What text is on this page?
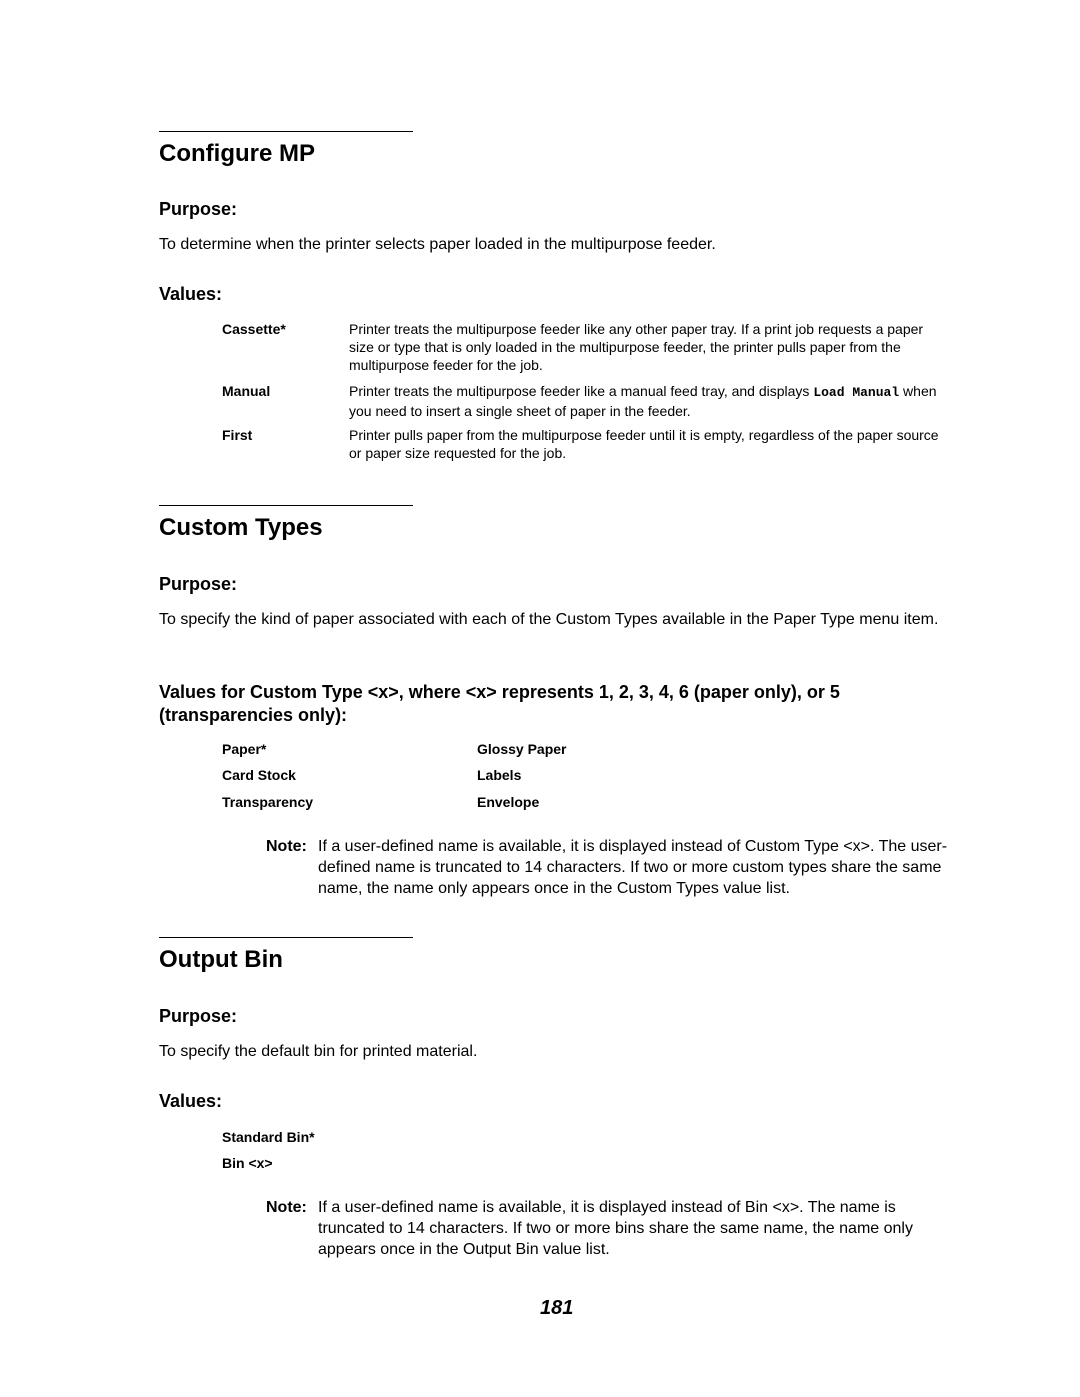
Configure MP
Purpose:

To determine when the printer selects paper loaded in the multipurpose feeder.

Values:
Cassette*	Printer treats the multipurpose feeder like any other paper tray. If a print job requests a paper size or type that is only loaded in the multipurpose feeder, the printer pulls paper from the multipurpose feeder for the job.
Manual	Printer treats the multipurpose feeder like a manual feed tray, and displays Load Manual when you need to insert a single sheet of paper in the feeder.
First	Printer pulls paper from the multipurpose feeder until it is empty, regardless of the paper source or paper size requested for the job.
Custom Types
Purpose:

To specify the kind of paper associated with each of the Custom Types available in the Paper Type menu item.

Values for Custom Type <x>, where <x> represents 1, 2, 3, 4, 6 (paper only), or 5 (transparencies only):
Paper*	Glossy Paper
Card Stock	Labels
Transparency	Envelope
Note: If a user-defined name is available, it is displayed instead of Custom Type <x>. The user-defined name is truncated to 14 characters. If two or more custom types share the same name, the name only appears once in the Custom Types value list.
Output Bin
Purpose:

To specify the default bin for printed material.

Values:
Standard Bin*
Bin <x>
Note: If a user-defined name is available, it is displayed instead of Bin <x>. The name is truncated to 14 characters. If two or more bins share the same name, the name only appears once in the Output Bin value list.
181
